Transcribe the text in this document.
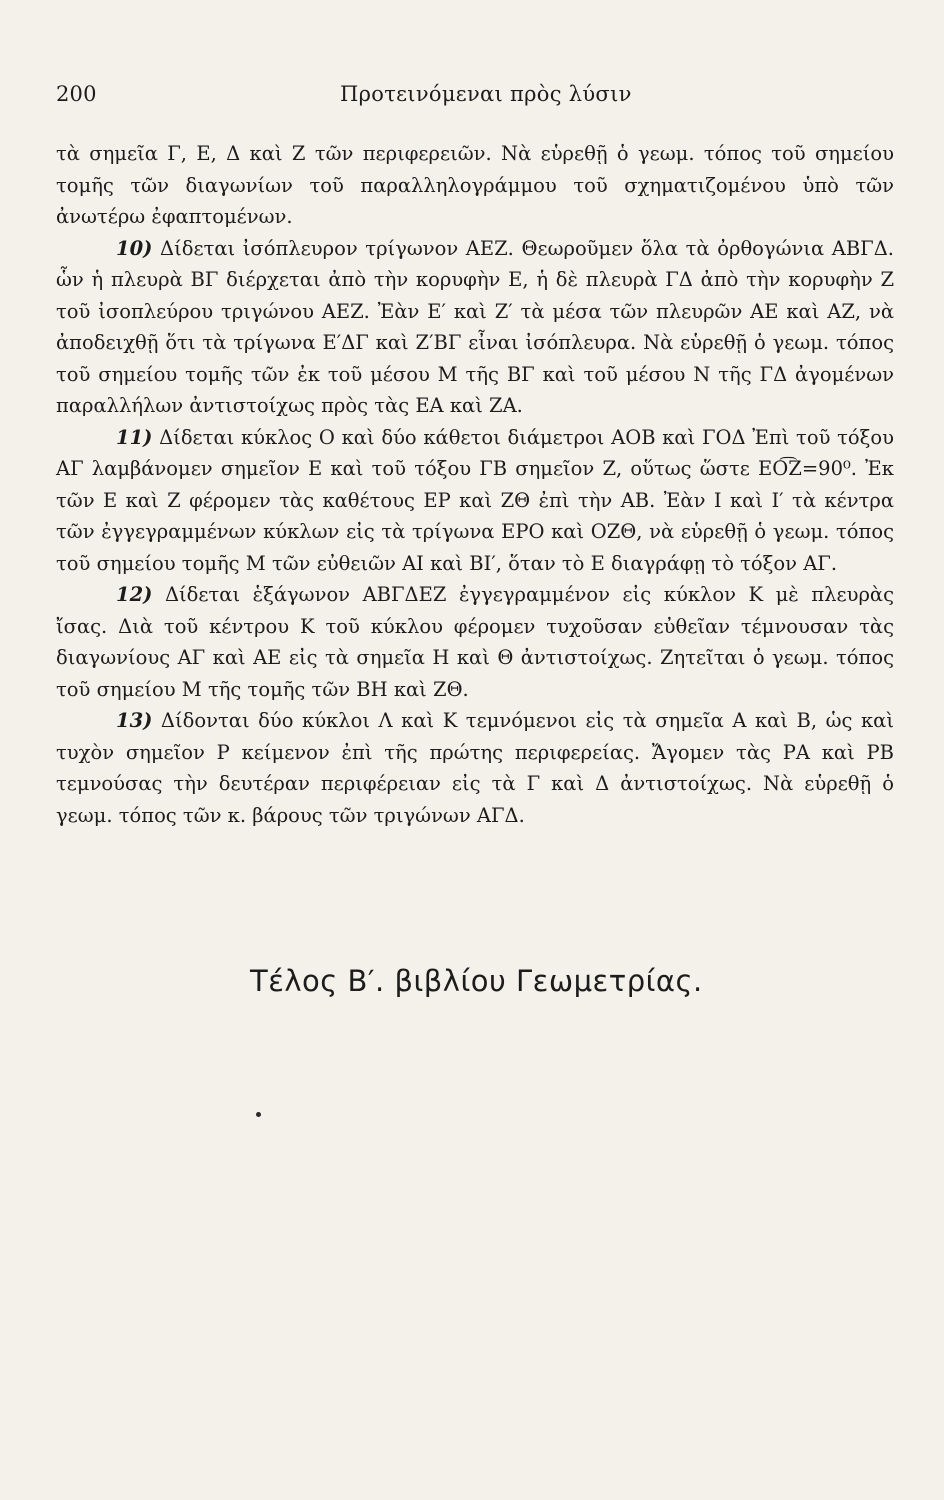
200	Προτεινόμεναι πρὸς λύσιν

τὰ σημεῖα Γ, Ε, Δ καὶ Ζ τῶν περιφερειῶν. Νὰ εὑρεθῇ ὁ γεωμ. τόπος τοῦ σημείου τομῆς τῶν διαγωνίων τοῦ παραλληλογράμμου τοῦ σχηματιζομένου ὑπὸ τῶν ἀνωτέρω ἐφαπτομένων.

10) Δίδεται ἰσόπλευρον τρίγωνον ΑΕΖ. Θεωροῦμεν ὅλα τὰ ὀρθογώνια ΑΒΓΔ. ὧν ἡ πλευρὰ ΒΓ διέρχεται ἀπὸ τὴν κορυφὴν Ε, ἡ δὲ πλευρὰ ΓΔ ἀπὸ τὴν κορυφὴν Ζ τοῦ ἰσοπλεύρου τριγώνου ΑΕΖ. Ἐὰν Ε′ καὶ Ζ′ τὰ μέσα τῶν πλευρῶν ΑΕ καὶ ΑΖ, νὰ ἀποδειχθῇ ὅτι τὰ τρίγωνα Ε′ΔΓ καὶ Ζ′ΒΓ εἶναι ἰσόπλευρα. Νὰ εὑρεθῇ ὁ γεωμ. τόπος τοῦ σημείου τομῆς τῶν ἐκ τοῦ μέσου Μ τῆς ΒΓ καὶ τοῦ μέσου Ν τῆς ΓΔ ἀγομένων παραλλήλων ἀντιστοίχως πρὸς τὰς ΕΑ καὶ ΖΑ.

11) Δίδεται κύκλος Ο καὶ δύο κάθετοι διάμετροι ΑΟΒ καὶ ΓΟΔ Ἐπὶ τοῦ τόξου ΑΓ λαμβάνομεν σημεῖον Ε καὶ τοῦ τόξου ΓΒ σημεῖον Ζ, οὕτως ὥστε ΕΟ͡Ζ=90⁰. Ἐκ τῶν Ε καὶ Ζ φέρομεν τὰς καθέτους ΕΡ καὶ ΖΘ ἐπὶ τὴν ΑΒ. Ἐὰν Ι καὶ Ι′ τὰ κέντρα τῶν ἐγγεγραμμένων κύκλων εἰς τὰ τρίγωνα ΕΡΟ καὶ ΟΖΘ, νὰ εὑρεθῇ ὁ γεωμ. τόπος τοῦ σημείου τομῆς Μ τῶν εὐθειῶν ΑΙ καὶ ΒΙ′, ὅταν τὸ Ε διαγράφῃ τὸ τόξον ΑΓ.

12) Δίδεται ἑξάγωνον ΑΒΓΔΕΖ ἐγγεγραμμένον εἰς κύκλον Κ μὲ πλευρὰς ἴσας. Διὰ τοῦ κέντρου Κ τοῦ κύκλου φέρομεν τυχοῦσαν εὐθεῖαν τέμνουσαν τὰς διαγωνίους ΑΓ καὶ ΑΕ εἰς τὰ σημεῖα Η καὶ Θ ἀντιστοίχως. Ζητεῖται ὁ γεωμ. τόπος τοῦ σημείου Μ τῆς τομῆς τῶν ΒΗ καὶ ΖΘ.

13) Δίδονται δύο κύκλοι Λ καὶ Κ τεμνόμενοι εἰς τὰ σημεῖα Α καὶ Β, ὡς καὶ τυχὸν σημεῖον Ρ κείμενον ἐπὶ τῆς πρώτης περιφερείας. Ἄγομεν τὰς ΡΑ καὶ ΡΒ τεμνούσας τὴν δευτέραν περιφέρειαν εἰς τὰ Γ καὶ Δ ἀντιστοίχως. Νὰ εὑρεθῇ ὁ γεωμ. τόπος τῶν κ. βάρους τῶν τριγώνων ΑΓΔ.

Τέλος Β′. βιβλίου Γεωμετρίας.
